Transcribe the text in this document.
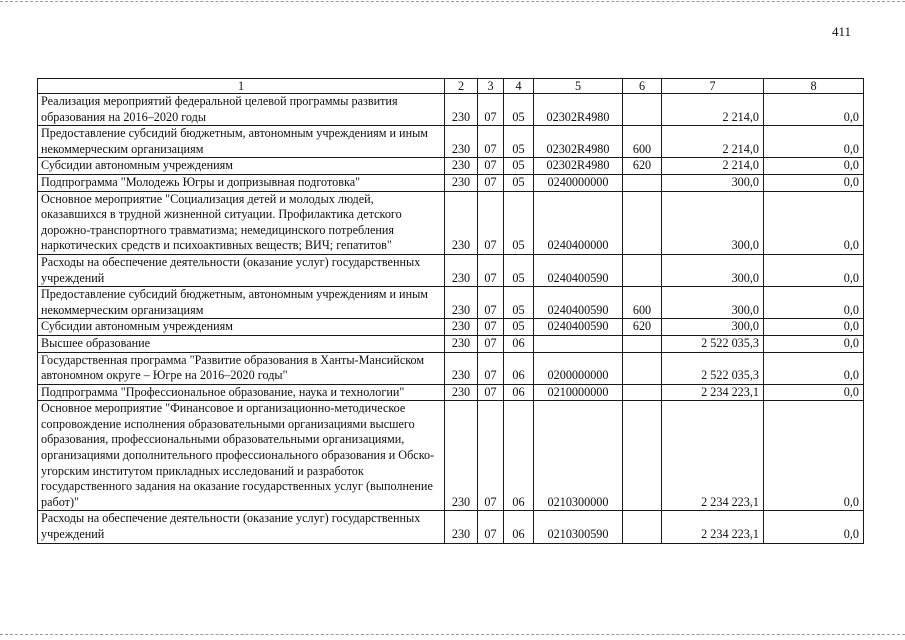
411
1	2	3	4	5	6	7	8
Реализация мероприятий федеральной целевой программы развития образования на 2016–2020 годы	230	07	05	02302R4980		2 214,0	0,0
Предоставление субсидий бюджетным, автономным учреждениям и иным некоммерческим организациям	230	07	05	02302R4980	600	2 214,0	0,0
Субсидии автономным учреждениям	230	07	05	02302R4980	620	2 214,0	0,0
Подпрограмма "Молодежь Югры и допризывная подготовка"	230	07	05	0240000000		300,0	0,0
Основное мероприятие "Социализация детей и молодых людей, оказавшихся в трудной жизненной ситуации. Профилактика детского дорожно-транспортного травматизма; немедицинского потребления наркотических средств и психоактивных веществ; ВИЧ; гепатитов"	230	07	05	0240400000		300,0	0,0
Расходы на обеспечение деятельности (оказание услуг) государственных учреждений	230	07	05	0240400590		300,0	0,0
Предоставление субсидий бюджетным, автономным учреждениям и иным некоммерческим организациям	230	07	05	0240400590	600	300,0	0,0
Субсидии автономным учреждениям	230	07	05	0240400590	620	300,0	0,0
Высшее образование	230	07	06			2 522 035,3	0,0
Государственная программа "Развитие образования в Ханты-Мансийском автономном округе – Югре на 2016–2020 годы"	230	07	06	0200000000		2 522 035,3	0,0
Подпрограмма "Профессиональное образование, наука и технологии"	230	07	06	0210000000		2 234 223,1	0,0
Основное мероприятие "Финансовое и организационно-методическое сопровождение исполнения образовательными организациями высшего образования, профессиональными образовательными организациями, организациями дополнительного профессионального образования и Обско-угорским институтом прикладных исследований и разработок государственного задания на оказание государственных услуг (выполнение работ)"	230	07	06	0210300000		2 234 223,1	0,0
Расходы на обеспечение деятельности (оказание услуг) государственных учреждений	230	07	06	0210300590		2 234 223,1	0,0
